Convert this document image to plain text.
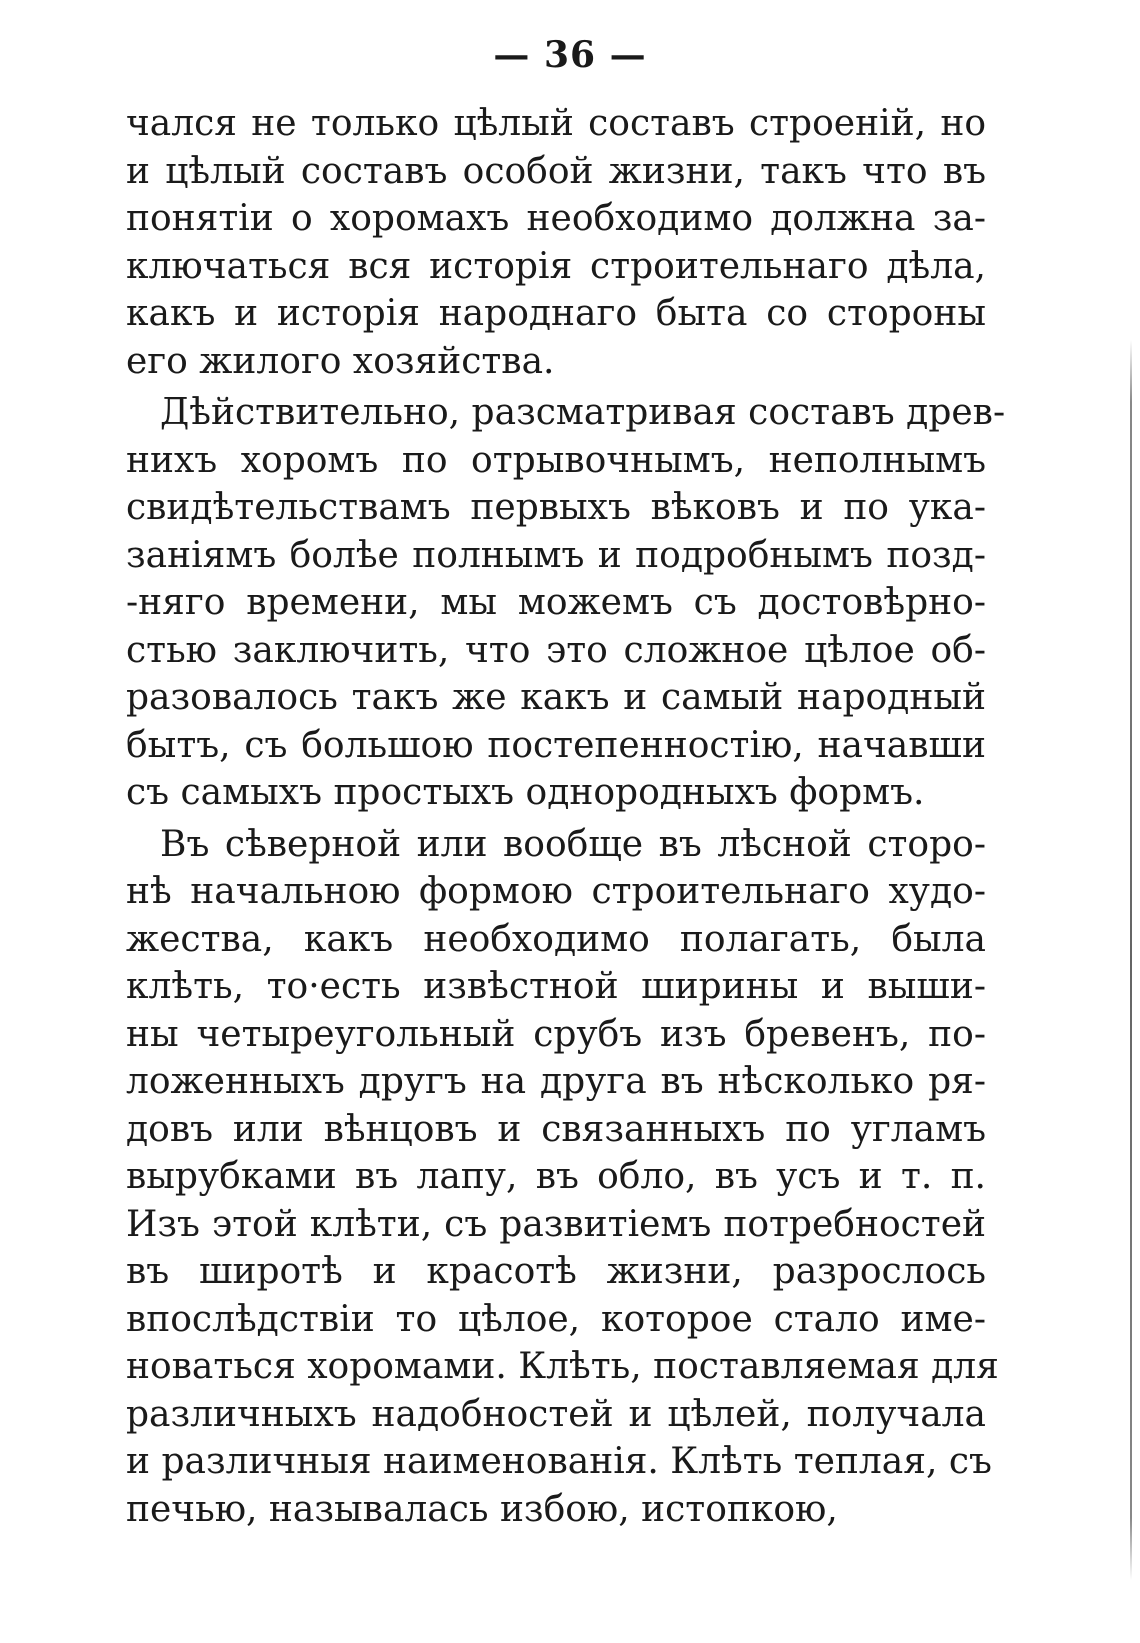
— 36 —
чался не только цѣлый составъ строенiй, но
и цѣлый составъ особой жизни, такъ что въ
понятiи о хоромахъ необходимо должна за-
ключаться вся исторiя строительнаго дѣла,
какъ и исторiя народнаго быта со стороны
его жилого хозяйства.
Дѣйствительно, разсматривая составъ древ-
нихъ хоромъ по отрывочнымъ, неполнымъ
свидѣтельствамъ первыхъ вѣковъ и по ука-
занiямъ болѣе полнымъ и подробнымъ позд-
-няго времени, мы можемъ съ достовѣрно-
стью заключить, что это сложное цѣлое об-
разовалось такъ же какъ и самый народный
бытъ, съ большою постепенностiю, начавши
съ самыхъ простыхъ однородныхъ формъ.
Въ сѣверной или вообще въ лѣсной сторо-
нѣ начальною формою строительнаго худо-
жества, какъ необходимо полагать, была
клѣть, то·есть извѣстной ширины и выши-
ны четыреугольный срубъ изъ бревенъ, по-
ложенныхъ другъ на друга въ нѣсколько ря-
довъ или вѣнцовъ и связанныхъ по угламъ
вырубками въ лапу, въ обло, въ усъ и т. п.
Изъ этой клѣти, съ развитiемъ потребностей
въ широтѣ и красотѣ жизни, разрослось
впослѣдствiи то цѣлое, которое стало име-
новаться хоромами. Клѣть, поставляемая для
различныхъ надобностей и цѣлей, получала
и различныя наименованiя. Клѣть теплая, съ
печью, называлась избою, истопкою,
